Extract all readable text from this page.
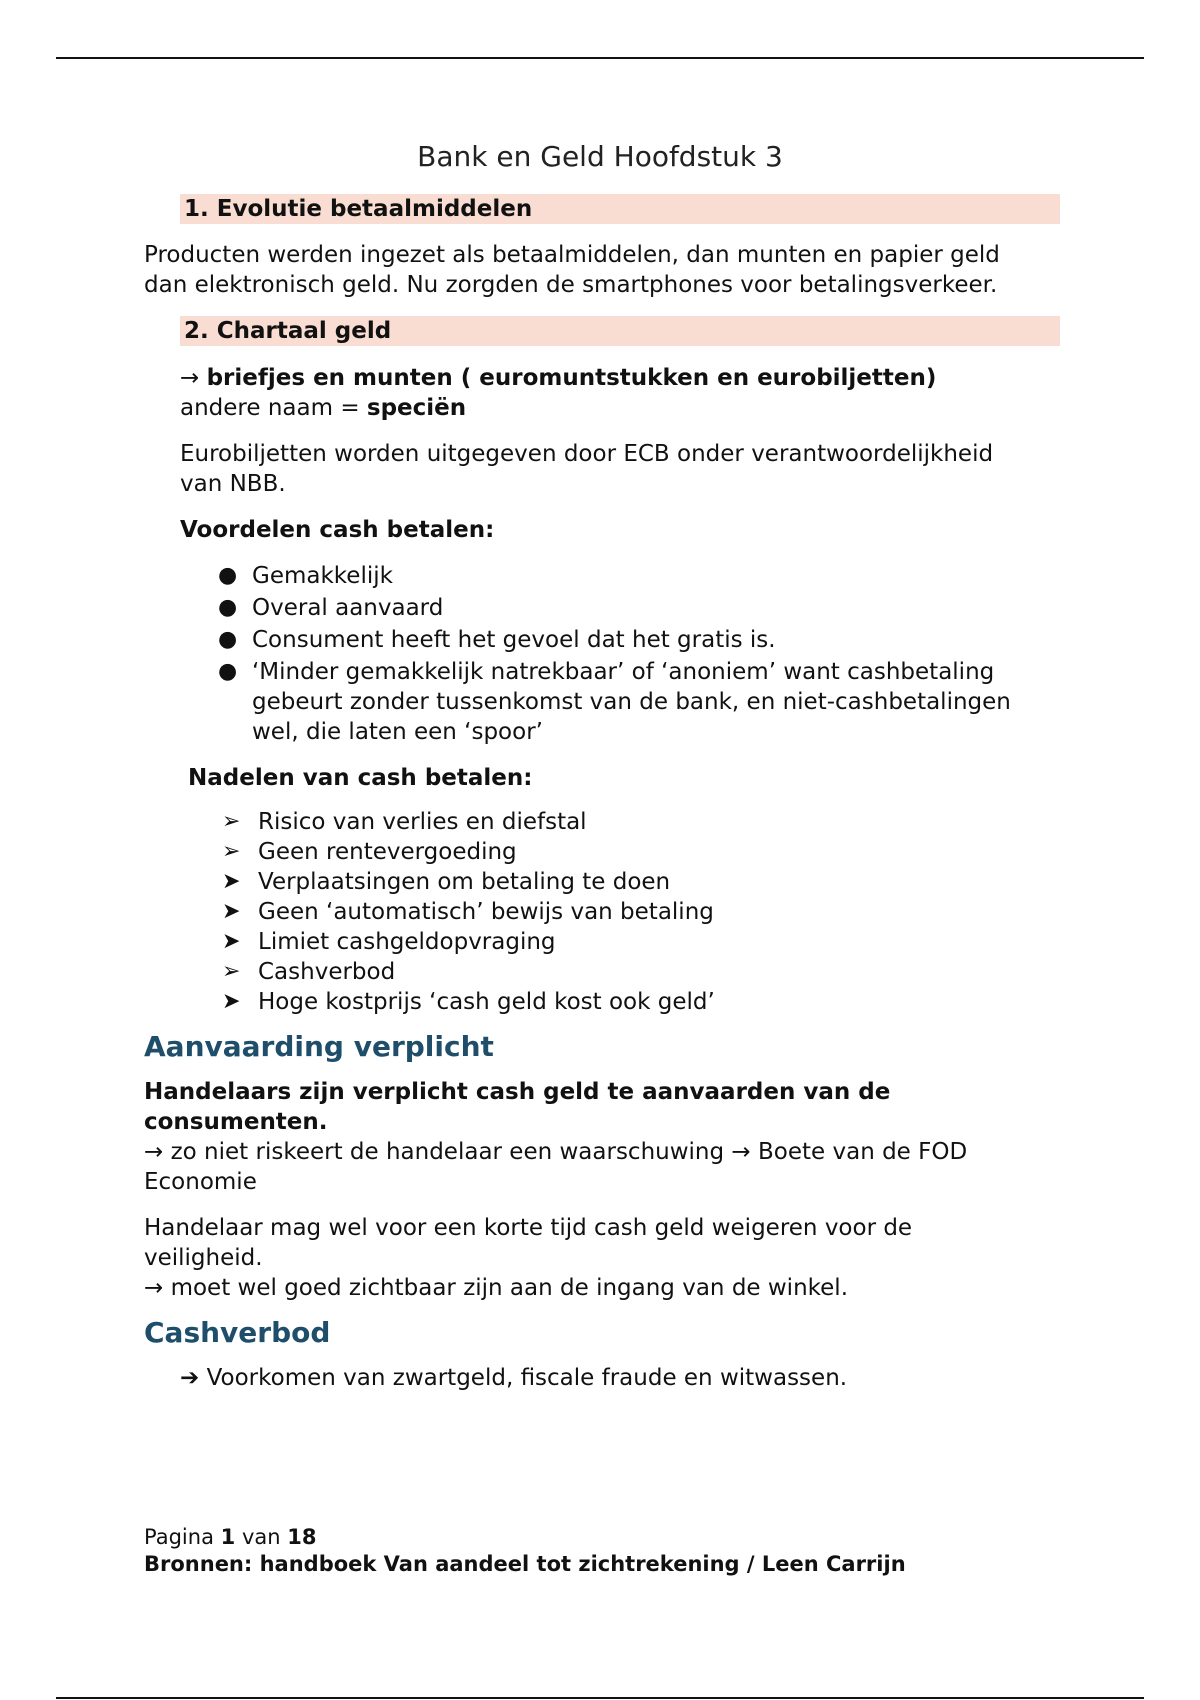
Bank en Geld Hoofdstuk 3
1. Evolutie betaalmiddelen

Producten werden ingezet als betaalmiddelen, dan munten en papier geld

dan elektronisch geld. Nu zorgden de smartphones voor betalingsverkeer.

2. Chartaal geld

→ briefjes en munten ( euromuntstukken en eurobiljetten)

andere naam = speciën

Eurobiljetten worden uitgegeven door ECB onder verantwoordelijkheid

van NBB.

Voordelen cash betalen:

● Gemakkelijk
● Overal aanvaard
● Consument heeft het gevoel dat het gratis is.
● ‘Minder gemakkelijk natrekbaar’ of ‘anoniem’ want cashbetaling
gebeurt zonder tussenkomst van de bank, en niet-cashbetalingen
wel, die laten een ‘spoor’

Nadelen van cash betalen:

➢ Risico van verlies en diefstal
➢ Geen rentevergoeding
➤ Verplaatsingen om betaling te doen
➤ Geen ‘automatisch’ bewijs van betaling
➤ Limiet cashgeldopvraging
➢ Cashverbod
➤ Hoge kostprijs ‘cash geld kost ook geld’
Aanvaarding verplicht

Handelaars zijn verplicht cash geld te aanvaarden van de

consumenten.

→ zo niet riskeert de handelaar een waarschuwing → Boete van de FOD

Economie

Handelaar mag wel voor een korte tijd cash geld weigeren voor de

veiligheid.

→ moet wel goed zichtbaar zijn aan de ingang van de winkel.

Cashverbod

➔ Voorkomen van zwartgeld, fiscale fraude en witwassen.

Pagina 1 van 18
Bronnen: handboek Van aandeel tot zichtrekening / Leen Carrijn
